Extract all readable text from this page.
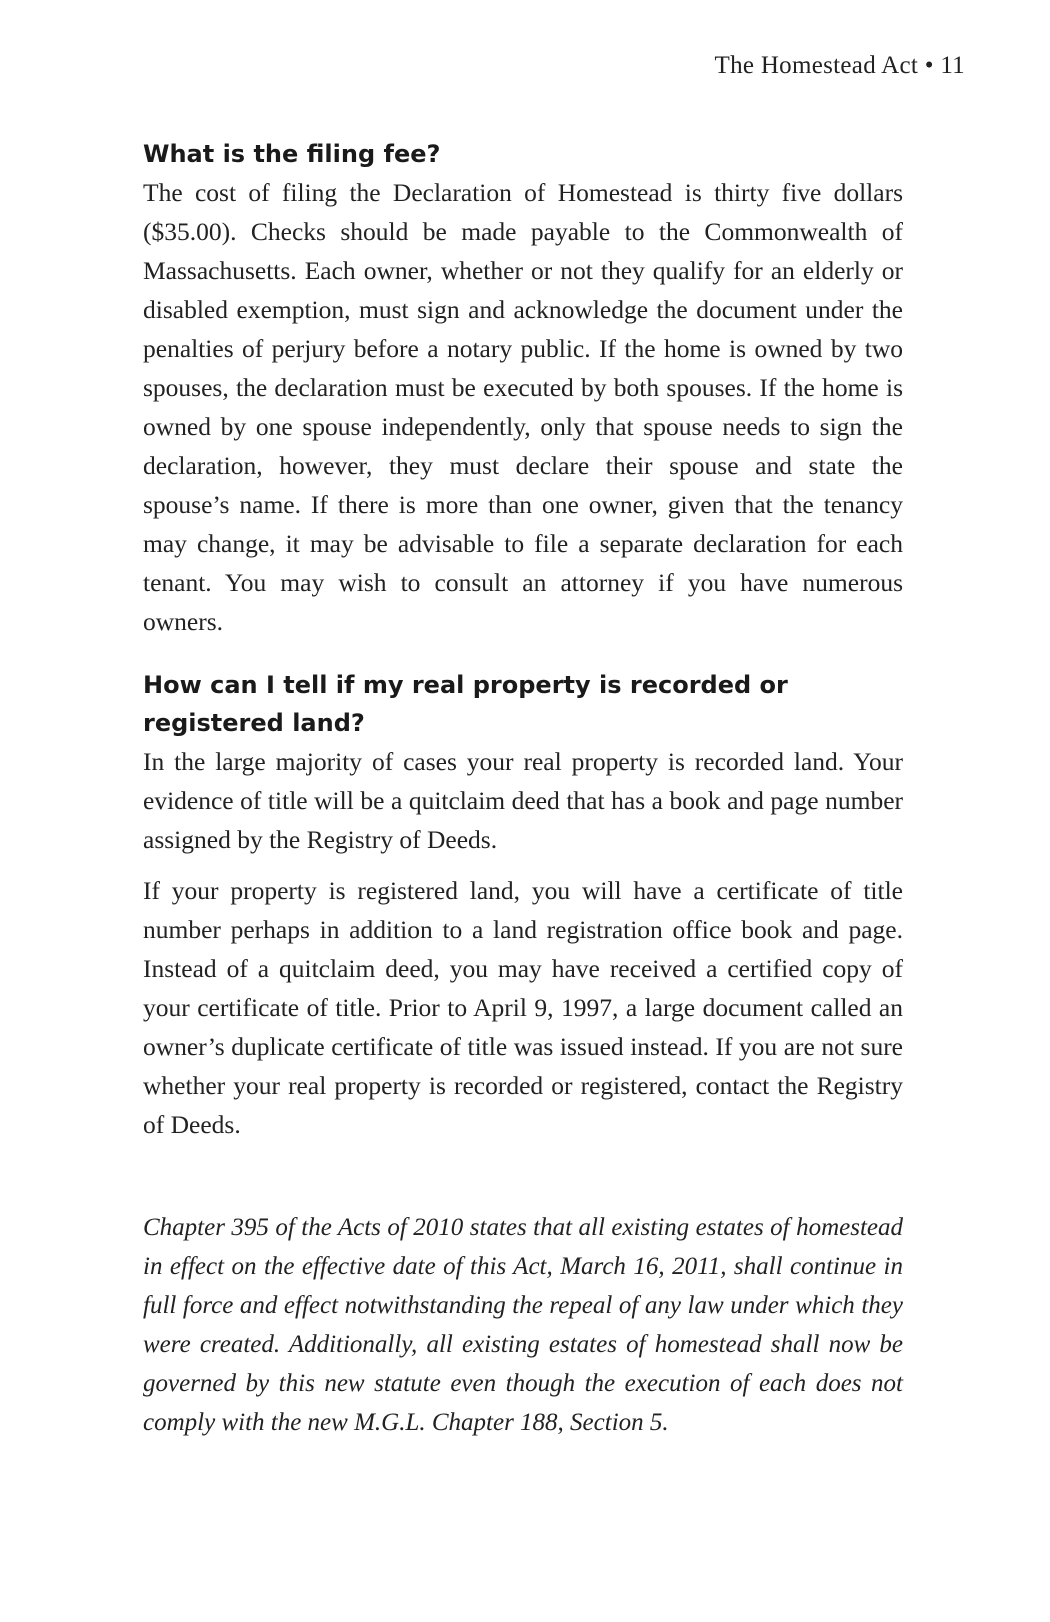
The Homestead Act • 11
What is the filing fee?

The cost of filing the Declaration of Homestead is thirty five dollars ($35.00). Checks should be made payable to the Commonwealth of Massachusetts. Each owner, whether or not they qualify for an elderly or disabled exemption, must sign and acknowledge the document under the penalties of perjury before a notary public. If the home is owned by two spouses, the declaration must be executed by both spouses. If the home is owned by one spouse independently, only that spouse needs to sign the declaration, however, they must declare their spouse and state the spouse’s name. If there is more than one owner, given that the tenancy may change, it may be advisable to file a separate declaration for each tenant. You may wish to consult an attorney if you have numerous owners.

How can I tell if my real property is recorded or registered land?

In the large majority of cases your real property is recorded land. Your evidence of title will be a quitclaim deed that has a book and page number assigned by the Registry of Deeds.

If your property is registered land, you will have a certificate of title number perhaps in addition to a land registration office book and page. Instead of a quitclaim deed, you may have received a certified copy of your certificate of title. Prior to April 9, 1997, a large document called an owner’s duplicate certificate of title was issued instead. If you are not sure whether your real property is recorded or registered, contact the Registry of Deeds.

Chapter 395 of the Acts of 2010 states that all existing estates of homestead in effect on the effective date of this Act, March 16, 2011, shall continue in full force and effect notwithstanding the repeal of any law under which they were created. Additionally, all existing estates of homestead shall now be governed by this new statute even though the execution of each does not comply with the new M.G.L. Chapter 188, Section 5.
